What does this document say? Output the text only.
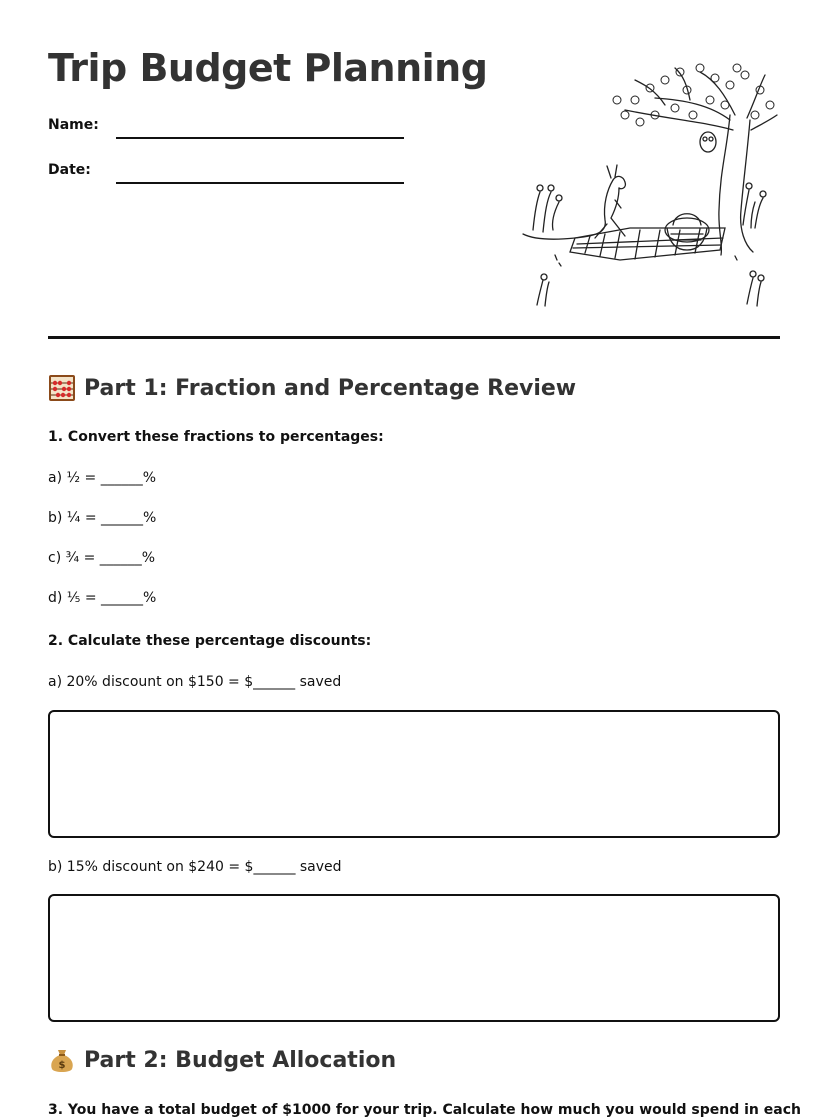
Trip Budget Planning
Name:
Date:
Part 1: Fraction and Percentage Review

1. Convert these fractions to percentages:

a) ½ = ______%

b) ¼ = ______%

c) ¾ = ______%

d) ⅕ = ______%

2. Calculate these percentage discounts:

a) 20% discount on $150 = $______ saved

b) 15% discount on $240 = $______ saved

$ Part 2: Budget Allocation

3. You have a total budget of $1000 for your trip. Calculate how much you would spend in each
